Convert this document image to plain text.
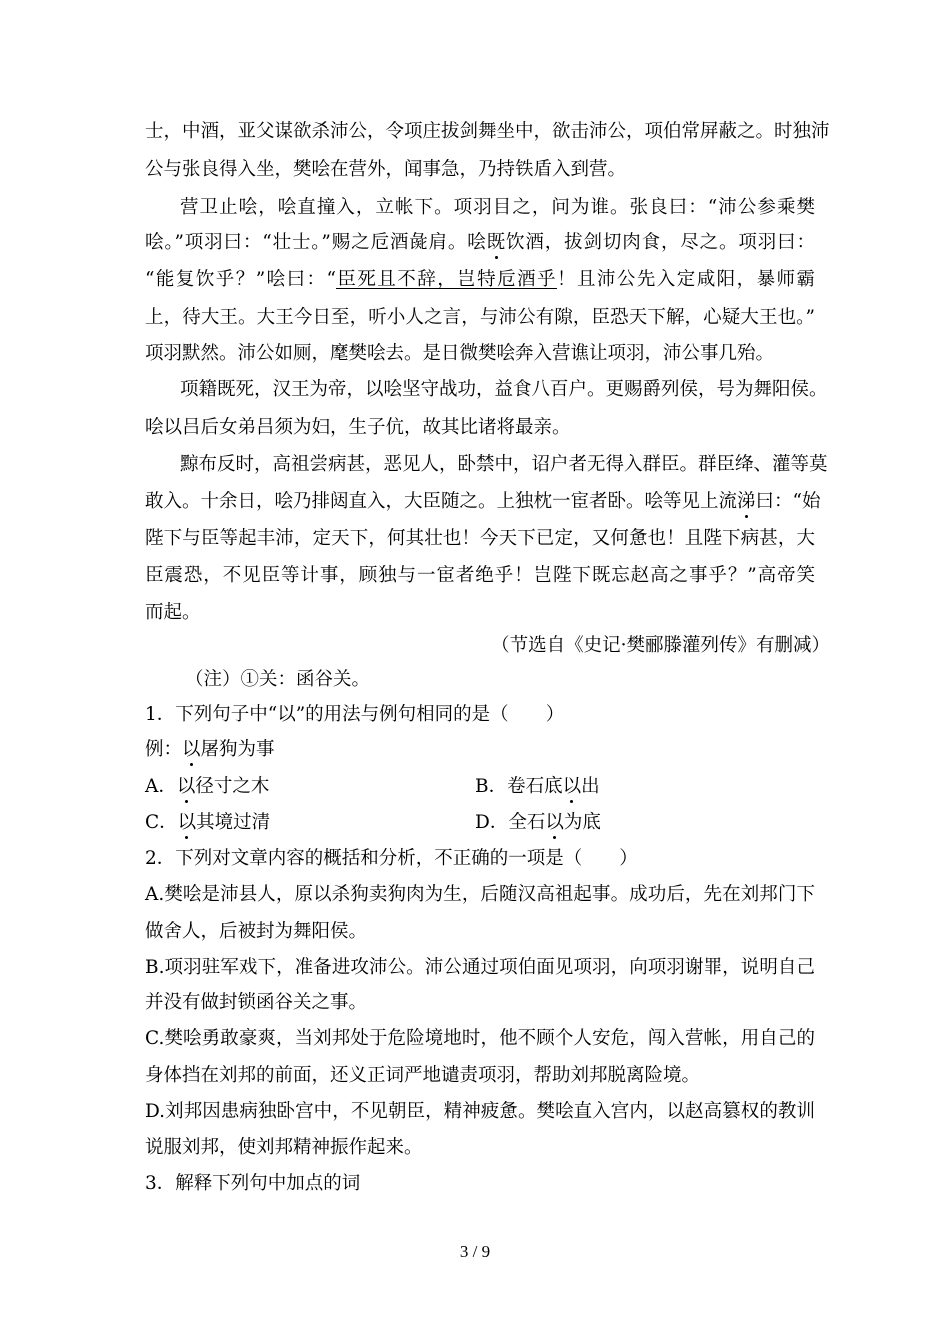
士，中酒，亚父谋欲杀沛公，令项庄拔剑舞坐中，欲击沛公，项伯常屏蔽之。时独沛
公与张良得入坐，樊哙在营外，闻事急，乃持铁盾入到营。
营卫止哙，哙直撞入，立帐下。项羽目之，问为谁。张良曰：“沛公参乘樊
哙。”项羽曰：“壮士。”赐之卮酒彘肩。哙既饮酒，拔剑切肉食，尽之。项羽曰：
“能复饮乎？”哙曰：“臣死且不辞，岂特卮酒乎！且沛公先入定咸阳，暴师霸
上，待大王。大王今日至，听小人之言，与沛公有隙，臣恐天下解，心疑大王也。”
项羽默然。沛公如厕，麾樊哙去。是日微樊哙奔入营谯让项羽，沛公事几殆。
项籍既死，汉王为帝，以哙坚守战功，益食八百户。更赐爵列侯，号为舞阳侯。
哙以吕后女弟吕须为妇，生子伉，故其比诸将最亲。
黥布反时，高祖尝病甚，恶见人，卧禁中，诏户者无得入群臣。群臣绛、灌等莫
敢入。十余日，哙乃排闼直入，大臣随之。上独枕一宦者卧。哙等见上流涕曰：“始
陛下与臣等起丰沛，定天下，何其壮也！今天下已定，又何惫也！且陛下病甚，大
臣震恐，不见臣等计事，顾独与一宦者绝乎！岂陛下既忘赵高之事乎？”高帝笑
而起。
（节选自《史记·樊郦滕灌列传》有删减）
（注）①关：函谷关。
1．下列句子中“以”的用法与例句相同的是（　　）
例：以屠狗为事
A．以径寸之木	B．卷石底以出
C．以其境过清	D．全石以为底
2．下列对文章内容的概括和分析，不正确的一项是（　　）
A.樊哙是沛县人，原以杀狗卖狗肉为生，后随汉高祖起事。成功后，先在刘邦门下
做舍人，后被封为舞阳侯。
B.项羽驻军戏下，准备进攻沛公。沛公通过项伯面见项羽，向项羽谢罪，说明自己
并没有做封锁函谷关之事。
C.樊哙勇敢豪爽，当刘邦处于危险境地时，他不顾个人安危，闯入营帐，用自己的
身体挡在刘邦的前面，还义正词严地谴责项羽，帮助刘邦脱离险境。
D.刘邦因患病独卧宫中，不见朝臣，精神疲惫。樊哙直入宫内，以赵高篡权的教训
说服刘邦，使刘邦精神振作起来。
3．解释下列句中加点的词
3 / 9
